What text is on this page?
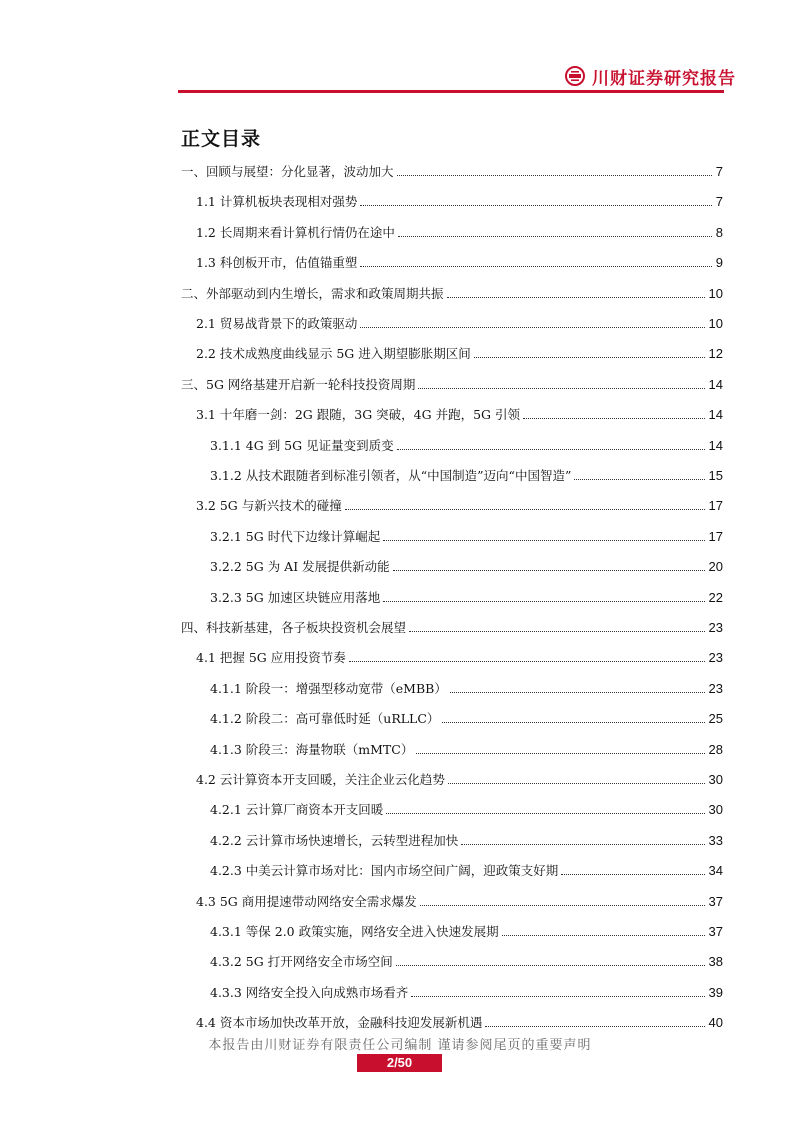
川财证券研究报告
正文目录
一、回顾与展望：分化显著，波动加大	7
1.1 计算机板块表现相对强势	7
1.2 长周期来看计算机行情仍在途中	8
1.3 科创板开市，估值锚重塑	9
二、外部驱动到内生增长，需求和政策周期共振	10
2.1 贸易战背景下的政策驱动	10
2.2 技术成熟度曲线显示 5G 进入期望膨胀期区间	12
三、5G 网络基建开启新一轮科技投资周期	14
3.1 十年磨一剑：2G 跟随，3G 突破，4G 并跑，5G 引领	14
3.1.1 4G 到 5G 见证量变到质变	14
3.1.2 从技术跟随者到标准引领者，从“中国制造”迈向“中国智造”	15
3.2 5G 与新兴技术的碰撞	17
3.2.1 5G 时代下边缘计算崛起	17
3.2.2 5G 为 AI 发展提供新动能	20
3.2.3 5G 加速区块链应用落地	22
四、科技新基建，各子板块投资机会展望	23
4.1 把握 5G 应用投资节奏	23
4.1.1 阶段一：增强型移动宽带（eMBB）	23
4.1.2 阶段二：高可靠低时延（uRLLC）	25
4.1.3 阶段三：海量物联（mMTC）	28
4.2 云计算资本开支回暖，关注企业云化趋势	30
4.2.1 云计算厂商资本开支回暖	30
4.2.2 云计算市场快速增长，云转型进程加快	33
4.2.3 中美云计算市场对比：国内市场空间广阔，迎政策支好期	34
4.3 5G 商用提速带动网络安全需求爆发	37
4.3.1 等保 2.0 政策实施，网络安全进入快速发展期	37
4.3.2 5G 打开网络安全市场空间	38
4.3.3 网络安全投入向成熟市场看齐	39
4.4 资本市场加快改革开放，金融科技迎发展新机遇	40
本报告由川财证券有限责任公司编制 谨请参阅尾页的重要声明
2/50
